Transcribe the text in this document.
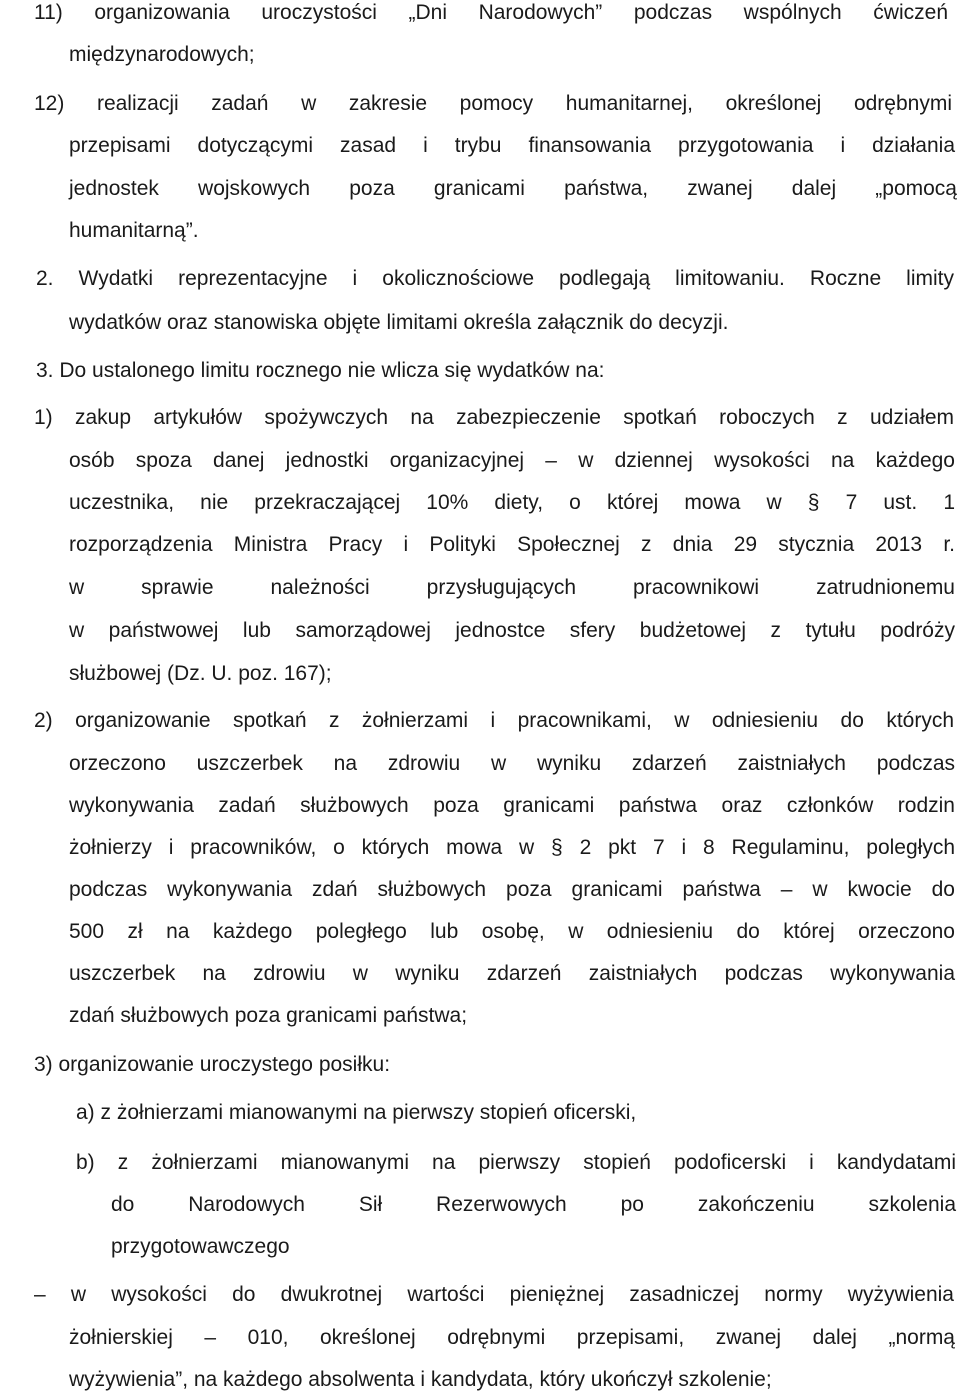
11) organizowania uroczystości „Dni Narodowych” podczas wspólnych ćwiczeń
międzynarodowych;
12) realizacji zadań w zakresie pomocy humanitarnej, określonej odrębnymi
przepisami dotyczącymi zasad i trybu finansowania przygotowania i działania
jednostek wojskowych poza granicami państwa, zwanej dalej „pomocą
humanitarną”.
2. Wydatki reprezentacyjne i okolicznościowe podlegają limitowaniu. Roczne limity
wydatków oraz stanowiska objęte limitami określa załącznik do decyzji.
3. Do ustalonego limitu rocznego nie wlicza się wydatków na:
1) zakup artykułów spożywczych na zabezpieczenie spotkań roboczych z udziałem
osób spoza danej jednostki organizacyjnej – w dziennej wysokości na każdego
uczestnika, nie przekraczającej 10% diety, o której mowa w § 7 ust. 1
rozporządzenia Ministra Pracy i Polityki Społecznej z dnia 29 stycznia 2013 r.
w sprawie należności przysługujących pracownikowi zatrudnionemu
w państwowej lub samorządowej jednostce sfery budżetowej z tytułu podróży
służbowej (Dz. U. poz. 167);
2) organizowanie spotkań z żołnierzami i pracownikami, w odniesieniu do których
orzeczono uszczerbek na zdrowiu w wyniku zdarzeń zaistniałych podczas
wykonywania zadań służbowych poza granicami państwa oraz członków rodzin
żołnierzy i pracowników, o których mowa w § 2 pkt 7 i 8 Regulaminu, poległych
podczas wykonywania zdań służbowych poza granicami państwa – w kwocie do
500 zł na każdego poległego lub osobę, w odniesieniu do której orzeczono
uszczerbek na zdrowiu w wyniku zdarzeń zaistniałych podczas wykonywania
zdań służbowych poza granicami państwa;
3) organizowanie uroczystego posiłku:
a) z żołnierzami mianowanymi na pierwszy stopień oficerski,
b) z żołnierzami mianowanymi na pierwszy stopień podoficerski i kandydatami
do Narodowych Sił Rezerwowych po zakończeniu szkolenia
przygotowawczego
– w wysokości do dwukrotnej wartości pieniężnej zasadniczej normy wyżywienia
żołnierskiej – 010, określonej odrębnymi przepisami, zwanej dalej „normą
wyżywienia”, na każdego absolwenta i kandydata, który ukończył szkolenie;
